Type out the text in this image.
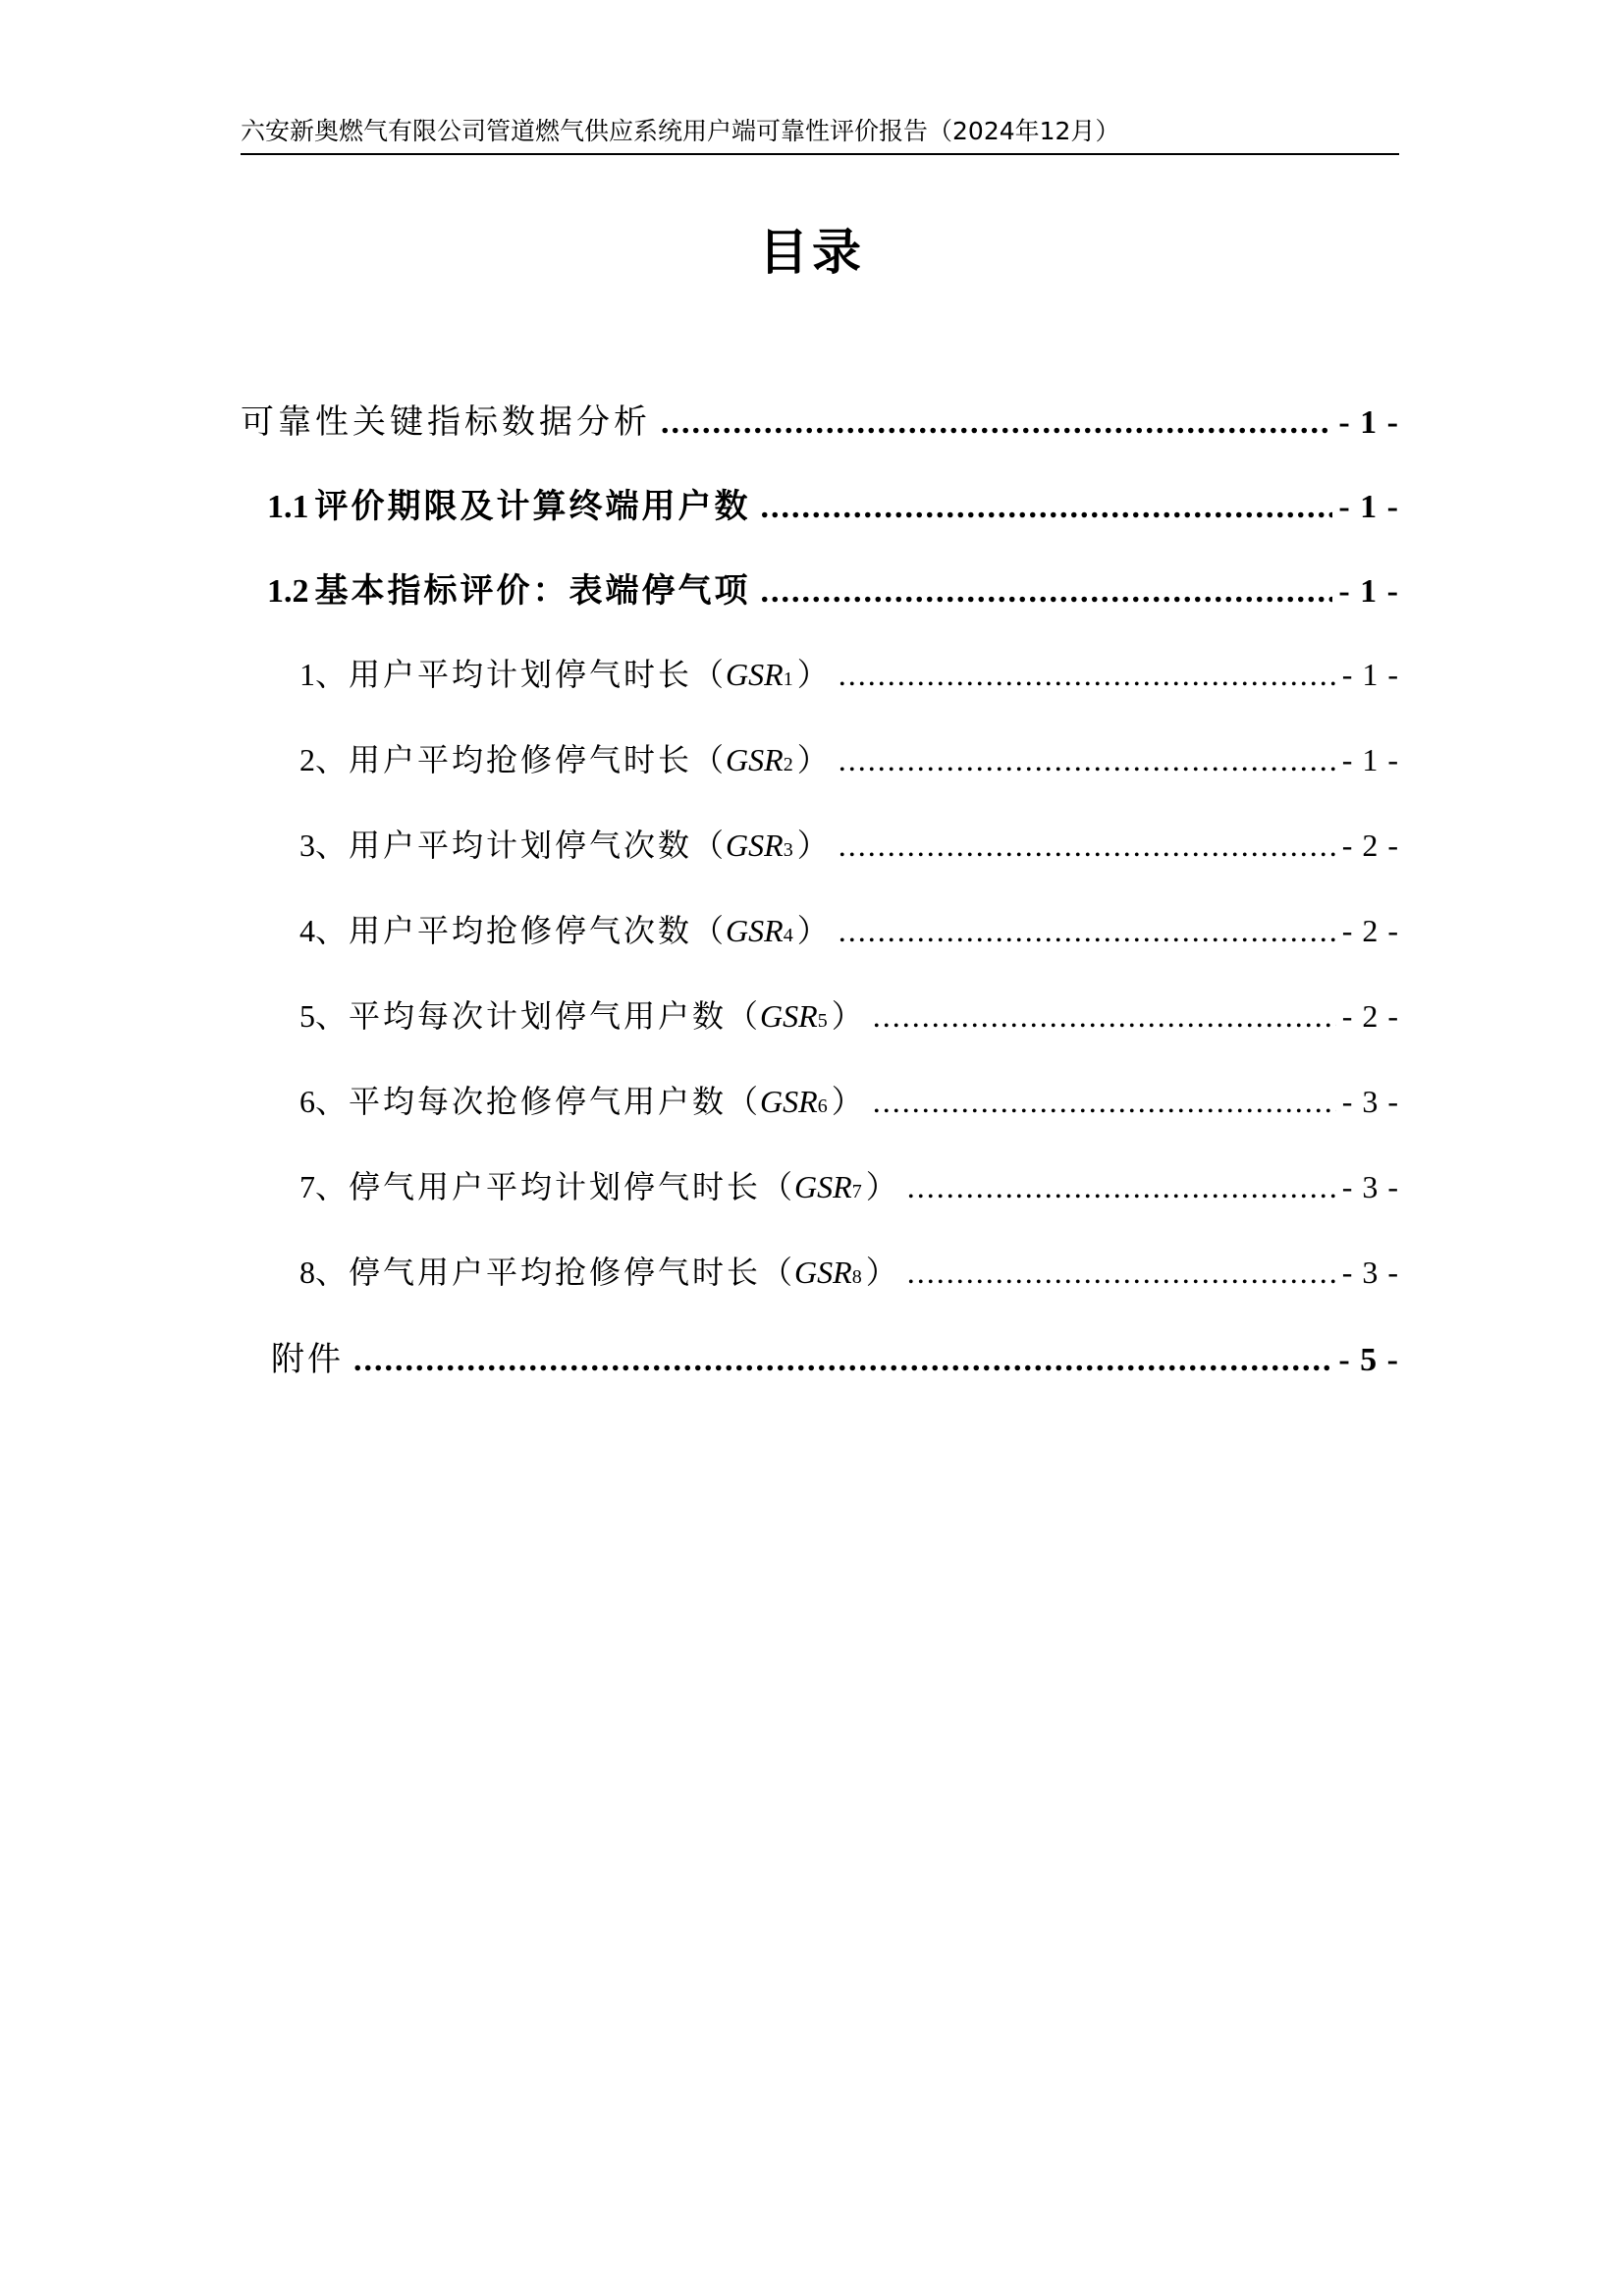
六安新奥燃气有限公司管道燃气供应系统用户端可靠性评价报告（2024年12月）
目录
可靠性关键指标数据分析 .....	- 1 -
1.1 评价期限及计算终端用户数 .....	- 1 -
1.2 基本指标评价：表端停气项 .....	- 1 -
1、 用户平均计划停气时长 （ GSR 1 ） .....	- 1 -
2、 用户平均抢修停气时长 （ GSR 2 ） .....	- 1 -
3、 用户平均计划停气次数 （ GSR 3 ） .....	- 2 -
4、 用户平均抢修停气次数 （ GSR 4 ） .....	- 2 -
5、 平均每次计划停气用户数 （ GSR 5 ） .....	- 2 -
6、 平均每次抢修停气用户数 （ GSR 6 ） .....	- 3 -
7、 停气用户平均计划停气时长 （ GSR 7 ） .....	- 3 -
8、 停气用户平均抢修停气时长 （ GSR 8 ） .....	- 3 -
附件 .....	- 5 -
